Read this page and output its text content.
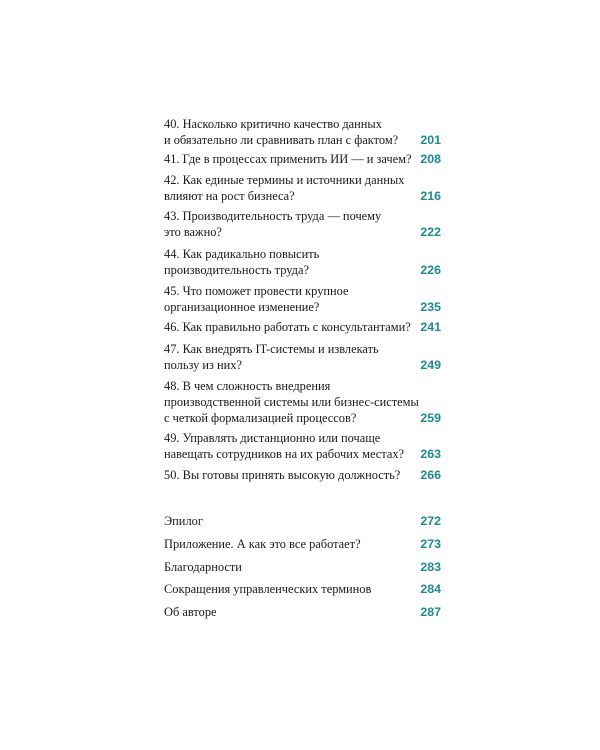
40. Насколько критично качество данных
и обязательно ли сравнивать план с фактом?	201
41. Где в процессах применить ИИ — и зачем? 208
42. Как единые термины и источники данных
влияют на рост бизнеса?	216
43. Производительность труда — почему
это важно?	222
44. Как радикально повысить
производительность труда?	226
45. Что поможет провести крупное
организационное изменение?	235
46. Как правильно работать с консультантами? 241
47. Как внедрять IT-системы и извлекать
пользу из них?	249
48. В чем сложность внедрения
производственной системы или бизнес-системы
с четкой формализацией процессов?	259
49. Управлять дистанционно или почаще
навещать сотрудников на их рабочих местах?	263
50. Вы готовы принять высокую должность?	266
Эпилог	272
Приложение. А как это все работает?	273
Благодарности	283
Сокращения управленческих терминов	284
Об авторе	287
